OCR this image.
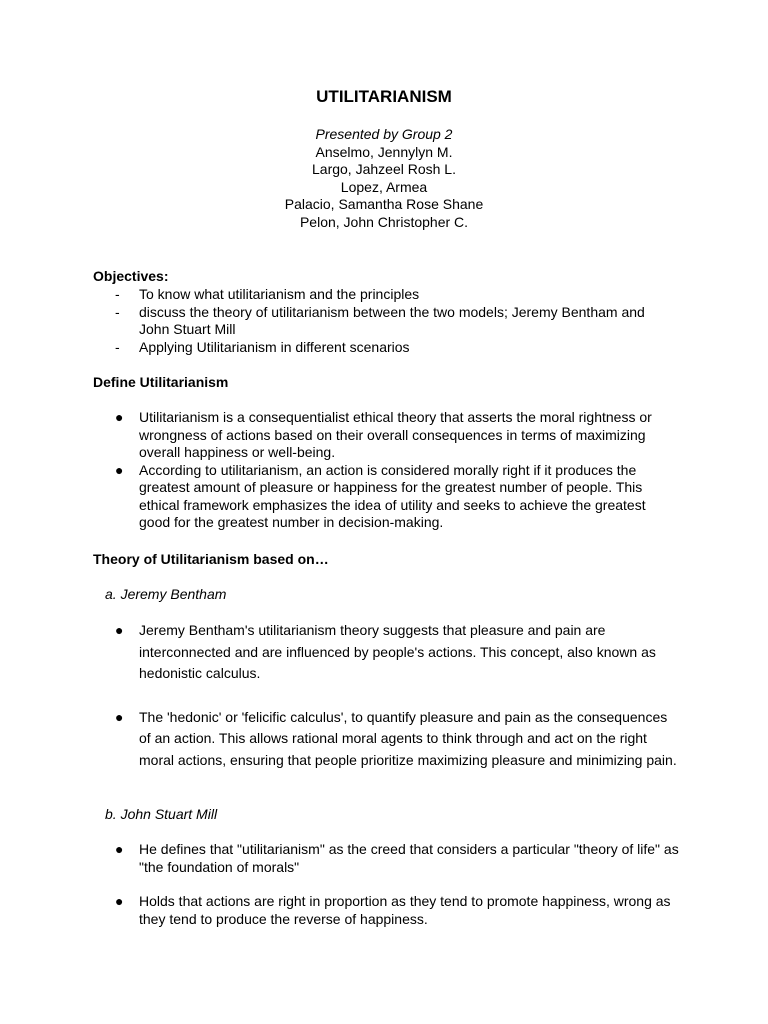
UTILITARIANISM
Presented by Group 2
Anselmo, Jennylyn M.
Largo, Jahzeel Rosh L.
Lopez, Armea
Palacio, Samantha Rose Shane
Pelon, John Christopher C.

Objectives:

- To know what utilitarianism and the principles
- discuss the theory of utilitarianism between the two models; Jeremy Bentham and John Stuart Mill
- Applying Utilitarianism in different scenarios

Define Utilitarianism

● Utilitarianism is a consequentialist ethical theory that asserts the moral rightness or wrongness of actions based on their overall consequences in terms of maximizing overall happiness or well-being.
● According to utilitarianism, an action is considered morally right if it produces the greatest amount of pleasure or happiness for the greatest number of people. This ethical framework emphasizes the idea of utility and seeks to achieve the greatest good for the greatest number in decision-making.

Theory of Utilitarianism based on…

a. Jeremy Bentham

● Jeremy Bentham's utilitarianism theory suggests that pleasure and pain are interconnected and are influenced by people's actions. This concept, also known as hedonistic calculus.
● The 'hedonic' or 'felicific calculus', to quantify pleasure and pain as the consequences of an action. This allows rational moral agents to think through and act on the right moral actions, ensuring that people prioritize maximizing pleasure and minimizing pain.

b. John Stuart Mill

● He defines that "utilitarianism" as the creed that considers a particular "theory of life" as "the foundation of morals"
● Holds that actions are right in proportion as they tend to promote happiness, wrong as they tend to produce the reverse of happiness.
